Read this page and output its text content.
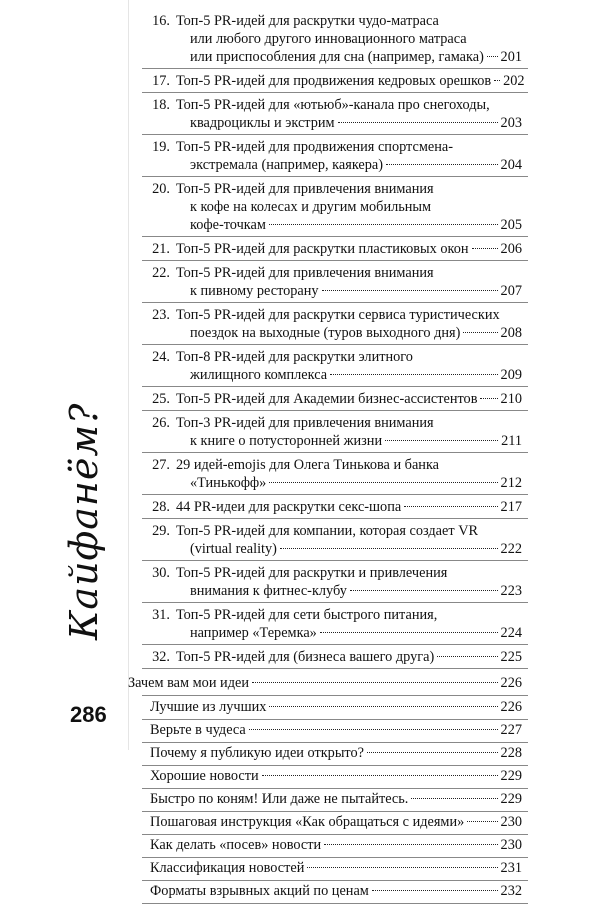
Кайфанём?
286
16. Топ-5 PR-идей для раскрутки чудо-матраса
или любого другого инновационного матраса
или приспособления для сна (например, гамака) 201
17. Топ-5 PR-идей для продвижения кедровых орешков 202
18. Топ-5 PR-идей для «ютьюб»-канала про снегоходы,
квадроциклы и экстрим	203
19. Топ-5 PR-идей для продвижения спортсмена-
экстремала (например, каякера)	204
20. Топ-5 PR-идей для привлечения внимания
к кофе на колесах и другим мобильным
кофе-точкам	205
21. Топ-5 PR-идей для раскрутки пластиковых окон 206
22. Топ-5 PR-идей для привлечения внимания
к пивному ресторану	207
23. Топ-5 PR-идей для раскрутки сервиса туристических
поездок на выходные (туров выходного дня)	208
24. Топ-8 PR-идей для раскрутки элитного
жилищного комплекса	209
25. Топ-5 PR-идей для Академии бизнес-ассистентов 210
26. Топ-3 PR-идей для привлечения внимания
к книге о потусторонней жизни	211
27. 29 идей-emojis для Олега Тинькова и банка
«Тинькофф»	212
28. 44 PR-идеи для раскрутки секс-шопа	217
29. Топ-5 PR-идей для компании, которая создает VR
(virtual reality)	222
30. Топ-5 PR-идей для раскрутки и привлечения
внимания к фитнес-клубу	223
31. Топ-5 PR-идей для сети быстрого питания,
например «Теремка»	224
32. Топ-5 PR-идей для (бизнеса вашего друга)	225
Зачем вам мои идеи	226
Лучшие из лучших	226
Верьте в чудеса	227
Почему я публикую идеи открыто?	228
Хорошие новости	229
Быстро по коням! Или даже не пытайтесь.	229
Пошаговая инструкция «Как обращаться с идеями»	230
Как делать «посев» новости	230
Классификация новостей	231
Форматы взрывных акций по ценам	232
